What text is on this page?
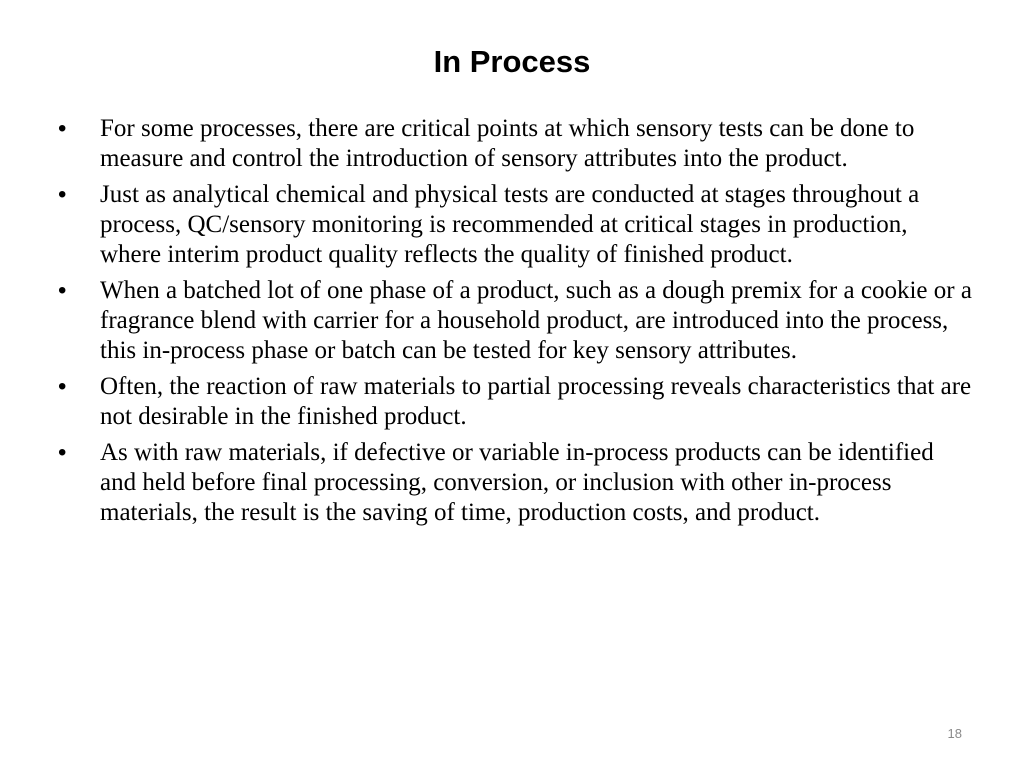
In Process
•	For some processes, there are critical points at which sensory tests can be done to measure and control the introduction of sensory attributes into the product.
•	Just as analytical chemical and physical tests are conducted at stages throughout a process, QC/sensory monitoring is recommended at critical stages in production, where interim product quality reflects the quality of finished product.
•	When a batched lot of one phase of a product, such as a dough premix for a cookie or a fragrance blend with carrier for a household product, are introduced into the process, this in-process phase or batch can be tested for key sensory attributes.
•	Often, the reaction of raw materials to partial processing reveals characteristics that are not desirable in the finished product.
•	As with raw materials, if defective or variable in-process products can be identified and held before final processing, conversion, or inclusion with other in-process materials, the result is the saving of time, production costs, and product.
18
